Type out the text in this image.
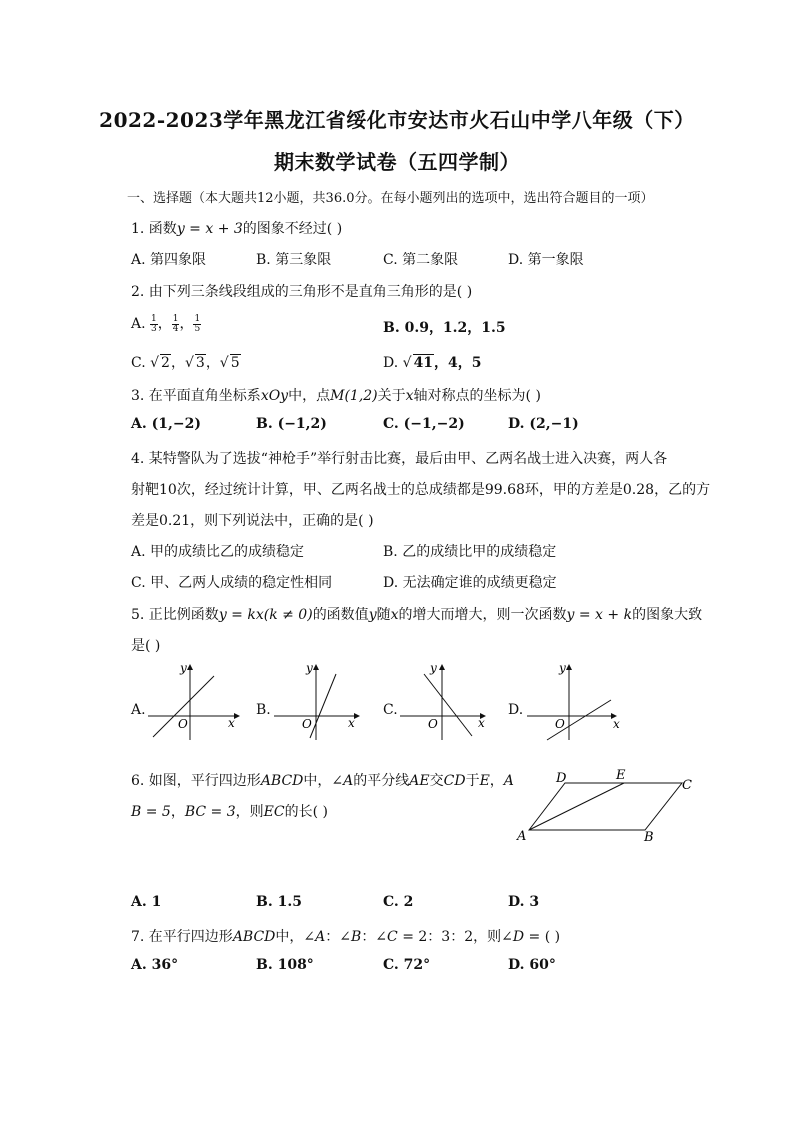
2022-2023学年黑龙江省绥化市安达市火石山中学八年级（下）
期末数学试卷（五四学制）
一、选择题（本大题共12小题，共36.0分。在每小题列出的选项中，选出符合题目的一项）
1. 函数y = x + 3的图象不经过( )
A. 第四象限	B. 第三象限	C. 第二象限	D. 第一象限
2. 由下列三条线段组成的三角形不是直角三角形的是( )
A. $\frac{1}{3}$ ， $\frac{1}{4}$ ， $\frac{1}{5}$	B. 0.9，1.2，1.5
C. √ 2，√ 3，√ 5	D. √ 41，4，5
3. 在平面直角坐标系xOy中，点M(1,2)关于x轴对称点的坐标为( )
A. (1,−2)	B. (−1,2)	C. (−1,−2)	D. (2,−1)
4. 某特警队为了选拔“神枪手”举行射击比赛，最后由甲、乙两名战士进入决赛，两人各
射靶10次，经过统计计算，甲、乙两名战士的总成绩都是99.68环，甲的方差是0.28，乙的方
差是0.21，则下列说法中，正确的是( )
A. 甲的成绩比乙的成绩稳定	B. 乙的成绩比甲的成绩稳定
C. 甲、乙两人成绩的稳定性相同	D. 无法确定谁的成绩更稳定
5. 正比例函数y = kx(k ≠ 0)的函数值y随x的增大而增大，则一次函数y = x + k的图象大致
是( )
A.
x
y
O
B.
x
y
O
C.
x
y
O
D.
x
y
O
6. 如图，平行四边形ABCD中，∠A的平分线AE交CD于E，A
B = 5，BC = 3，则EC的长( )
D	E
C
A	B
A. 1	B. 1.5	C. 2	D. 3
7. 在平行四边形ABCD中，∠A：∠B：∠C = 2：3：2，则∠D = ( )
A. 36°	B. 108°	C. 72°	D. 60°
